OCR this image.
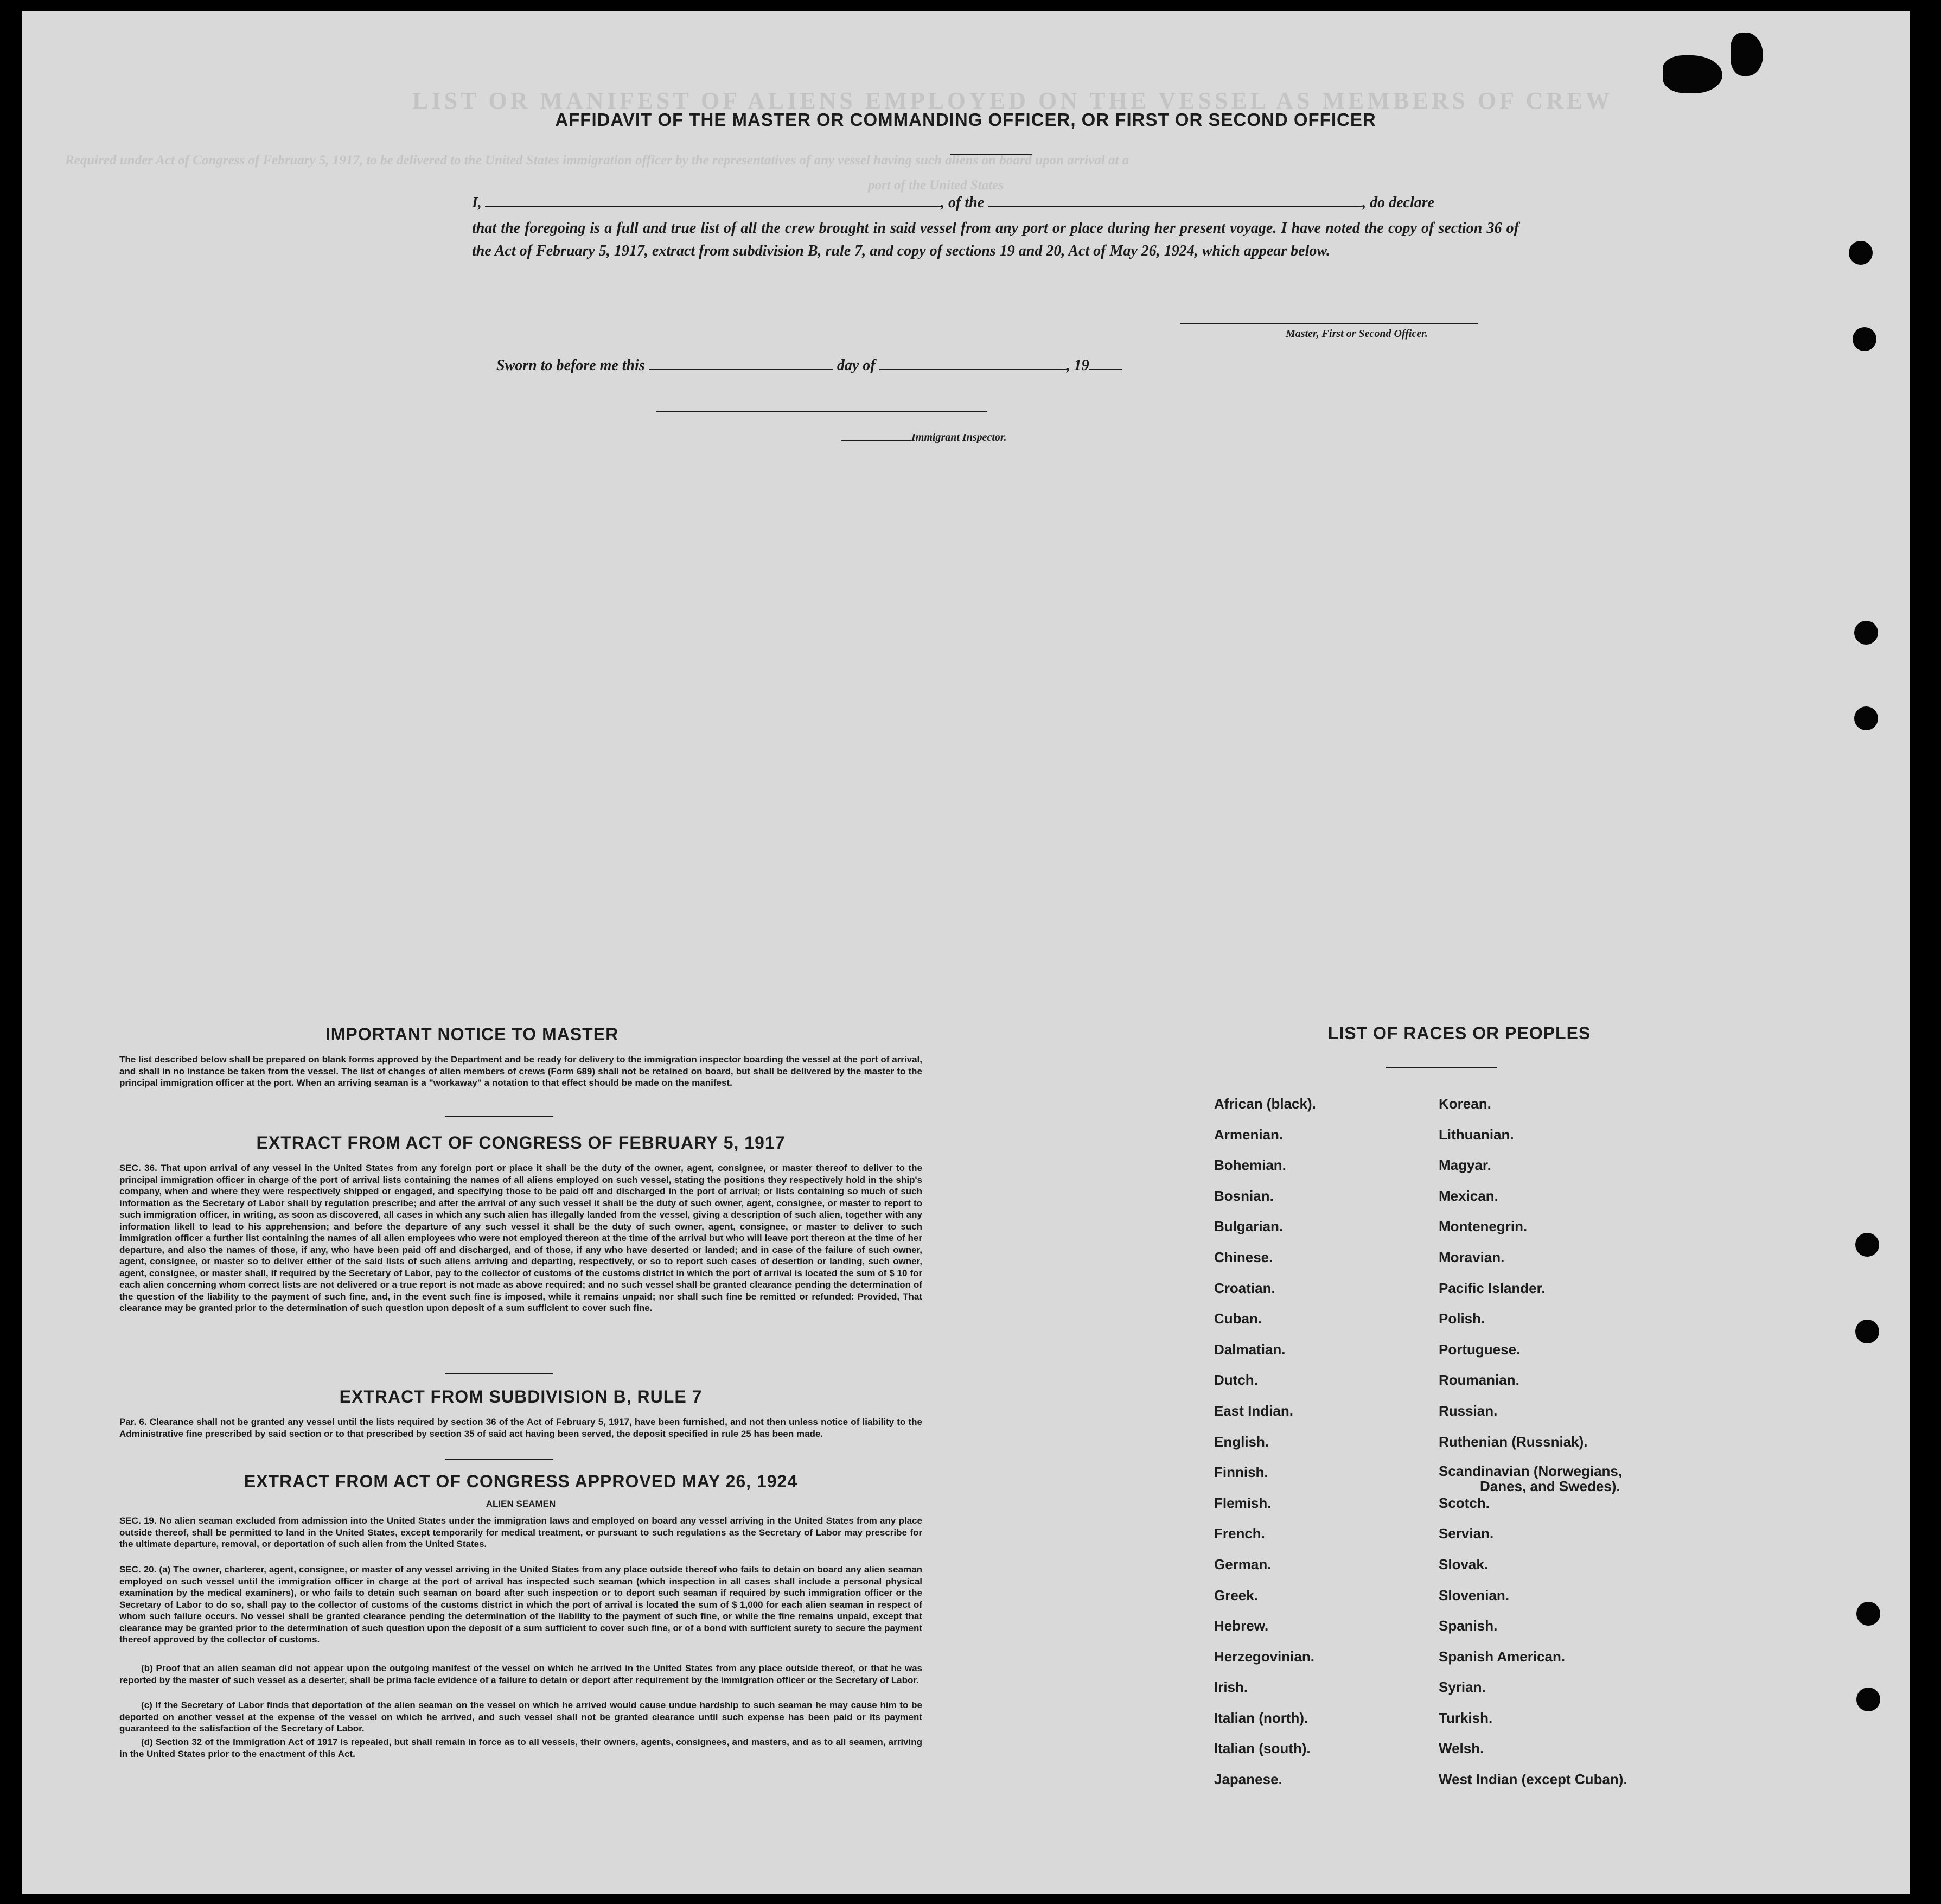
LIST OR MANIFEST OF ALIENS EMPLOYED ON THE VESSEL AS MEMBERS OF CREW
Required under Act of Congress of February 5, 1917, to be delivered to the United States immigration officer by the representatives of any vessel having such aliens on board upon arrival at a
port of the United States
AFFIDAVIT OF THE MASTER OR COMMANDING OFFICER, OR FIRST OR SECOND OFFICER
I,	, of the	, do declare
that the foregoing is a full and true list of all the crew brought in said vessel from any port or place during her present voyage. I have noted the copy of section 36 of the Act of February 5, 1917, extract from subdivision B, rule 7, and copy of sections 19 and 20, Act of May 26, 1924, which appear below.
Master, First or Second Officer.
Sworn to before me this	day of	, 19
Immigrant Inspector.
IMPORTANT NOTICE TO MASTER
The list described below shall be prepared on blank forms approved by the Department and be ready for delivery to the immigration inspector boarding the vessel at the port of arrival, and shall in no instance be taken from the vessel. The list of changes of alien members of crews (Form 689) shall not be retained on board, but shall be delivered by the master to the principal immigration officer at the port. When an arriving seaman is a "workaway" a notation to that effect should be made on the manifest.
EXTRACT FROM ACT OF CONGRESS OF FEBRUARY 5, 1917
SEC. 36. That upon arrival of any vessel in the United States from any foreign port or place it shall be the duty of the owner, agent, consignee, or master thereof to deliver to the principal immigration officer in charge of the port of arrival lists containing the names of all aliens employed on such vessel, stating the positions they respectively hold in the ship's company, when and where they were respectively shipped or engaged, and specifying those to be paid off and discharged in the port of arrival; or lists containing so much of such information as the Secretary of Labor shall by regulation prescribe; and after the arrival of any such vessel it shall be the duty of such owner, agent, consignee, or master to report to such immigration officer, in writing, as soon as discovered, all cases in which any such alien has illegally landed from the vessel, giving a description of such alien, together with any information likell to lead to his apprehension; and before the departure of any such vessel it shall be the duty of such owner, agent, consignee, or master to deliver to such immigration officer a further list containing the names of all alien employees who were not employed thereon at the time of the arrival but who will leave port thereon at the time of her departure, and also the names of those, if any, who have been paid off and discharged, and of those, if any who have deserted or landed; and in case of the failure of such owner, agent, consignee, or master so to deliver either of the said lists of such aliens arriving and departing, respectively, or so to report such cases of desertion or landing, such owner, agent, consignee, or master shall, if required by the Secretary of Labor, pay to the collector of customs of the customs district in which the port of arrival is located the sum of $ 10 for each alien concerning whom correct lists are not delivered or a true report is not made as above required; and no such vessel shall be granted clearance pending the determination of the question of the liability to the payment of such fine, and, in the event such fine is imposed, while it remains unpaid; nor shall such fine be remitted or refunded: Provided, That clearance may be granted prior to the determination of such question upon deposit of a sum sufficient to cover such fine.
EXTRACT FROM SUBDIVISION B, RULE 7
Par. 6. Clearance shall not be granted any vessel until the lists required by section 36 of the Act of February 5, 1917, have been furnished, and not then unless notice of liability to the Administrative fine prescribed by said section or to that prescribed by section 35 of said act having been served, the deposit specified in rule 25 has been made.
EXTRACT FROM ACT OF CONGRESS APPROVED MAY 26, 1924
ALIEN SEAMEN
SEC. 19. No alien seaman excluded from admission into the United States under the immigration laws and employed on board any vessel arriving in the United States from any place outside thereof, shall be permitted to land in the United States, except temporarily for medical treatment, or pursuant to such regulations as the Secretary of Labor may prescribe for the ultimate departure, removal, or deportation of such alien from the United States.
SEC. 20. (a) The owner, charterer, agent, consignee, or master of any vessel arriving in the United States from any place outside thereof who fails to detain on board any alien seaman employed on such vessel until the immigration officer in charge at the port of arrival has inspected such seaman (which inspection in all cases shall include a personal physical examination by the medical examiners), or who fails to detain such seaman on board after such inspection or to deport such seaman if required by such immigration officer or the Secretary of Labor to do so, shall pay to the collector of customs of the customs district in which the port of arrival is located the sum of $ 1,000 for each alien seaman in respect of whom such failure occurs. No vessel shall be granted clearance pending the determination of the liability to the payment of such fine, or while the fine remains unpaid, except that clearance may be granted prior to the determination of such question upon the deposit of a sum sufficient to cover such fine, or of a bond with sufficient surety to secure the payment thereof approved by the collector of customs.
(b) Proof that an alien seaman did not appear upon the outgoing manifest of the vessel on which he arrived in the United States from any place outside thereof, or that he was reported by the master of such vessel as a deserter, shall be prima facie evidence of a failure to detain or deport after requirement by the immigration officer or the Secretary of Labor.
(c) If the Secretary of Labor finds that deportation of the alien seaman on the vessel on which he arrived would cause undue hardship to such seaman he may cause him to be deported on another vessel at the expense of the vessel on which he arrived, and such vessel shall not be granted clearance until such expense has been paid or its payment guaranteed to the satisfaction of the Secretary of Labor.
(d) Section 32 of the Immigration Act of 1917 is repealed, but shall remain in force as to all vessels, their owners, agents, consignees, and masters, and as to all seamen, arriving in the United States prior to the enactment of this Act.
LIST OF RACES OR PEOPLES
African (black).
Armenian.
Bohemian.
Bosnian.
Bulgarian.
Chinese.
Croatian.
Cuban.
Dalmatian.
Dutch.
East Indian.
English.
Finnish.
Flemish.
French.
German.
Greek.
Hebrew.
Herzegovinian.
Irish.
Italian (north).
Italian (south).
Japanese.
Korean.
Lithuanian.
Magyar.
Mexican.
Montenegrin.
Moravian.
Pacific Islander.
Polish.
Portuguese.
Roumanian.
Russian.
Ruthenian (Russniak).
Scandinavian (Norwegians,
Danes, and Swedes).
Scotch.
Servian.
Slovak.
Slovenian.
Spanish.
Spanish American.
Syrian.
Turkish.
Welsh.
West Indian (except Cuban).
